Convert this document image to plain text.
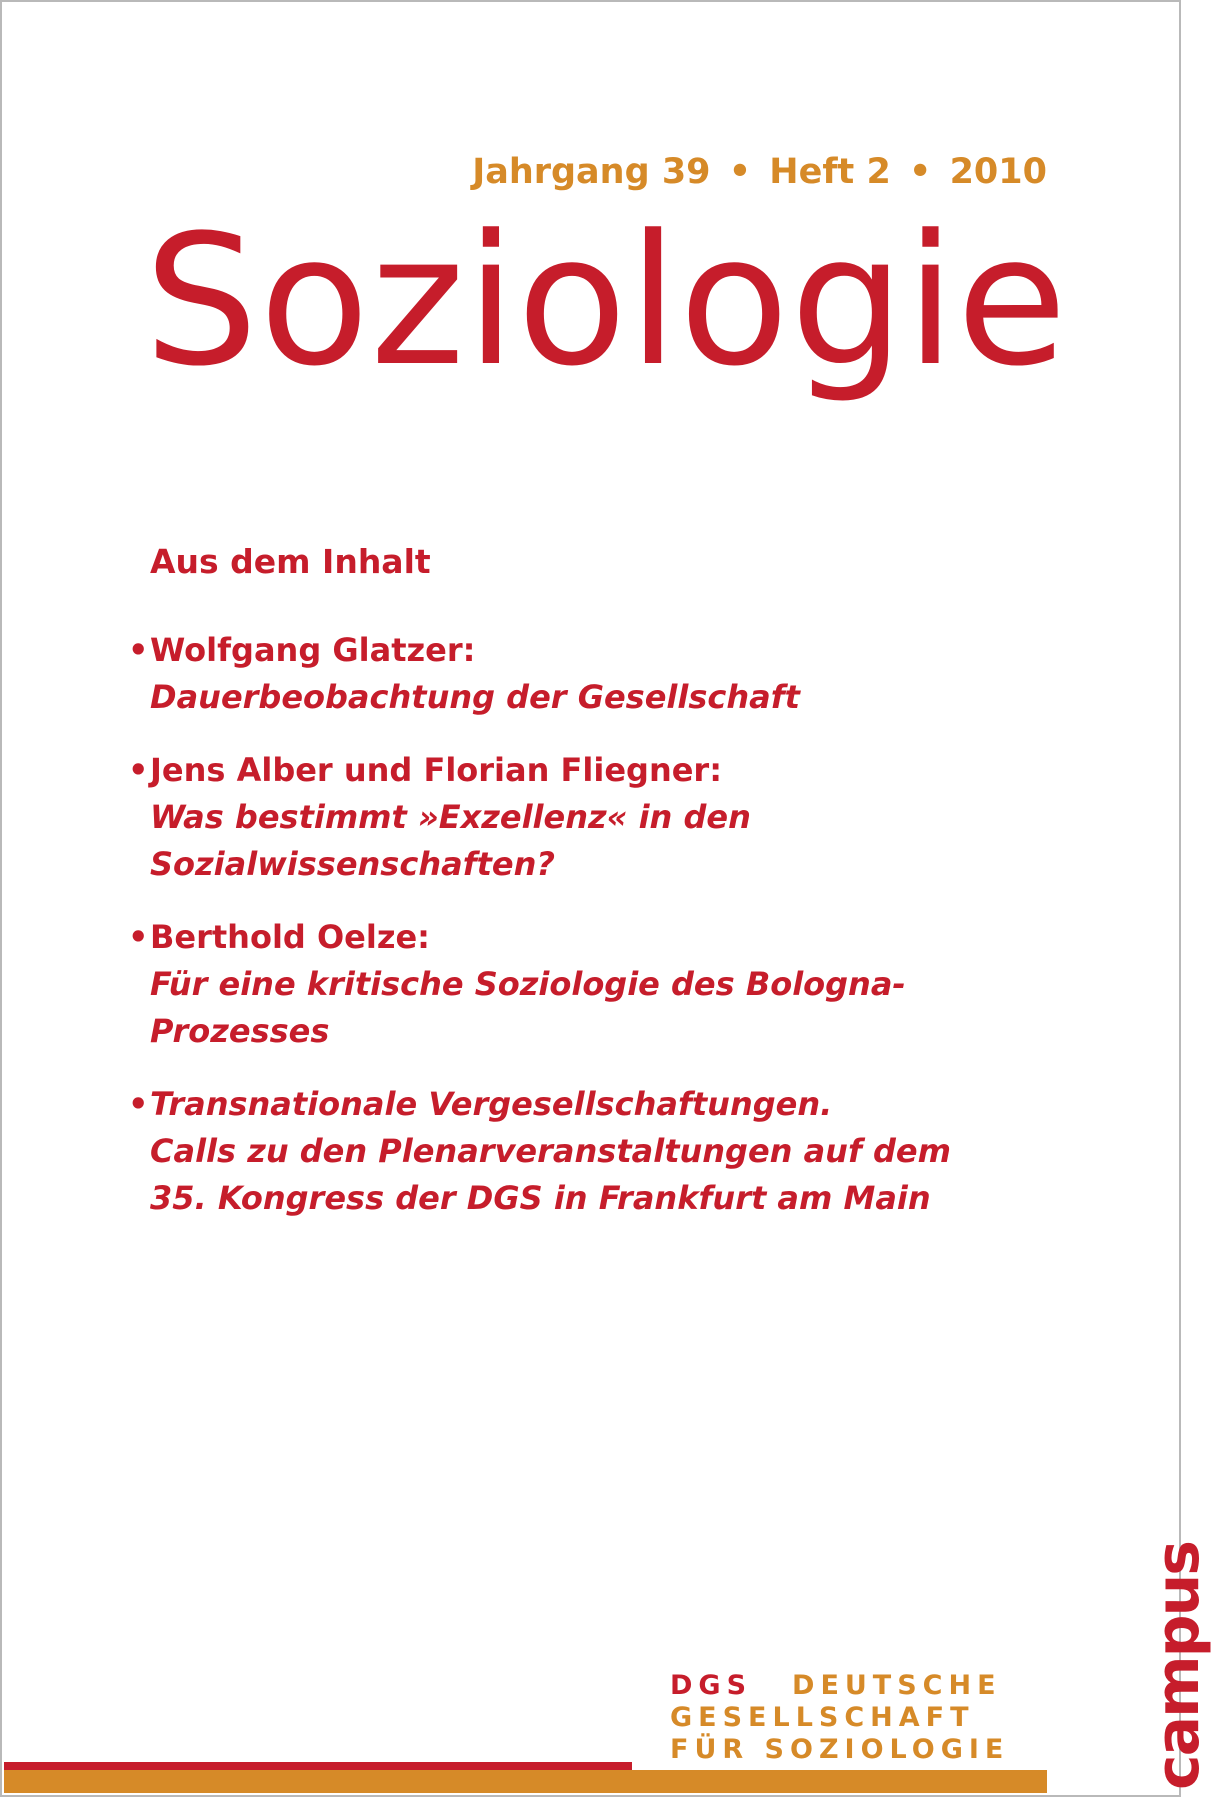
Jahrgang 39 • Heft 2 • 2010
Soziologie
Aus dem Inhalt
• Wolfgang Glatzer:
Dauerbeobachtung der Gesellschaft
• Jens Alber und Florian Fliegner:
Was bestimmt »Exzellenz« in den
Sozialwissenschaften?
• Berthold Oelze:
Für eine kritische Soziologie des Bologna-Prozesses
• Transnationale Vergesellschaftungen.
Calls zu den Plenarveranstaltungen auf dem
35. Kongress der DGS in Frankfurt am Main
campus
DGS DEUTSCHE
GESELLSCHAFT
FÜR SOZIOLOGIE
